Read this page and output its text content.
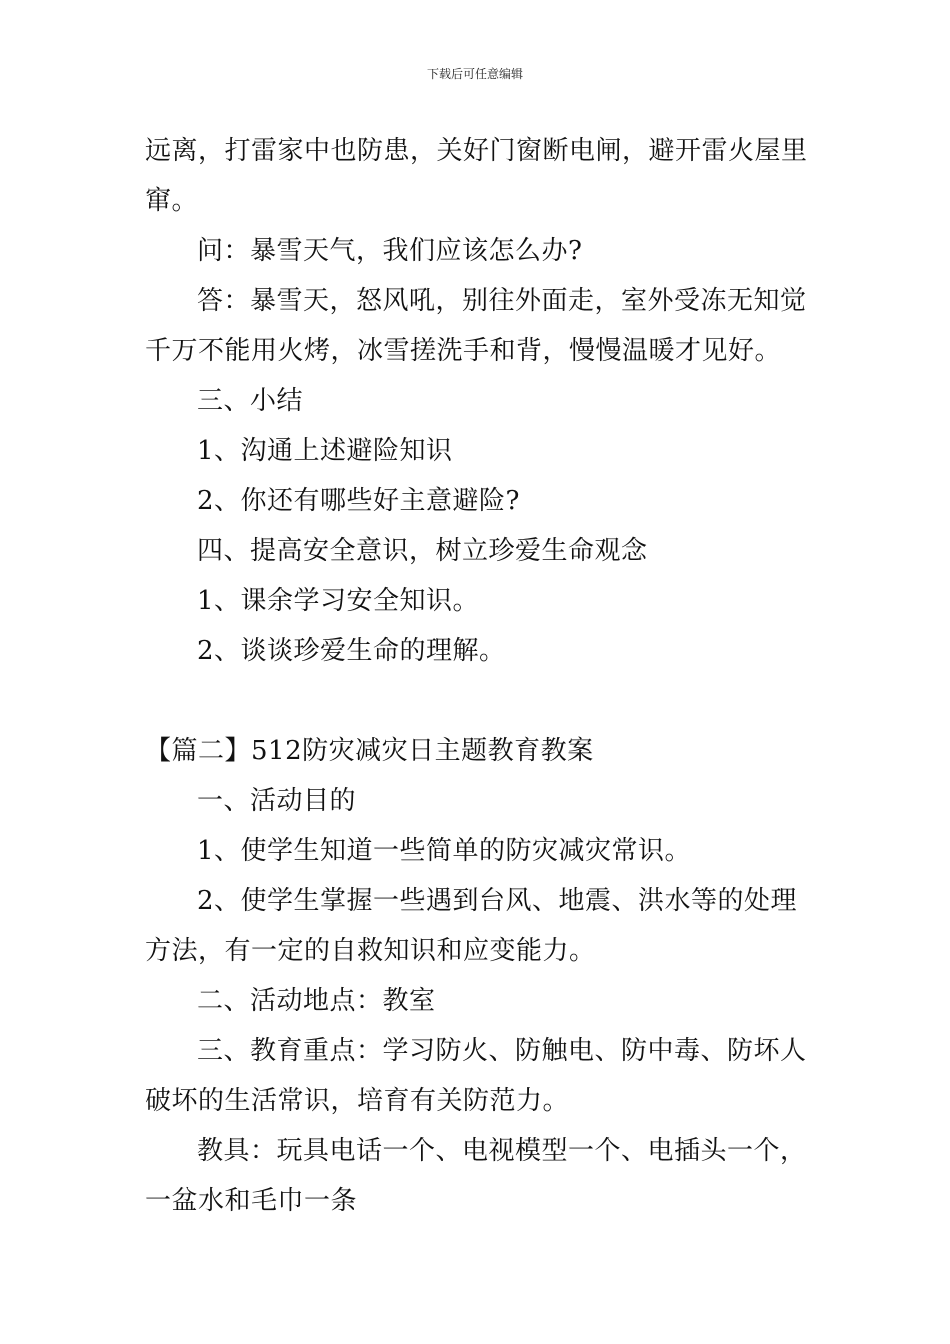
下载后可任意编辑

远离，打雷家中也防患，关好门窗断电闸，避开雷火屋里窜。

问：暴雪天气，我们应该怎么办?

答：暴雪天，怒风吼，别往外面走，室外受冻无知觉千万不能用火烤，冰雪搓洗手和背，慢慢温暖才见好。

三、小结

1、沟通上述避险知识

2、你还有哪些好主意避险?

四、提高安全意识，树立珍爱生命观念

1、课余学习安全知识。

2、谈谈珍爱生命的理解。

【篇二】512防灾减灾日主题教育教案

一、活动目的

1、使学生知道一些简单的防灾减灾常识。

2、使学生掌握一些遇到台风、地震、洪水等的处理方法，有一定的自救知识和应变能力。

二、活动地点：教室

三、教育重点：学习防火、防触电、防中毒、防坏人破坏的生活常识，培育有关防范力。

教具：玩具电话一个、电视模型一个、电插头一个，一盆水和毛巾一条
